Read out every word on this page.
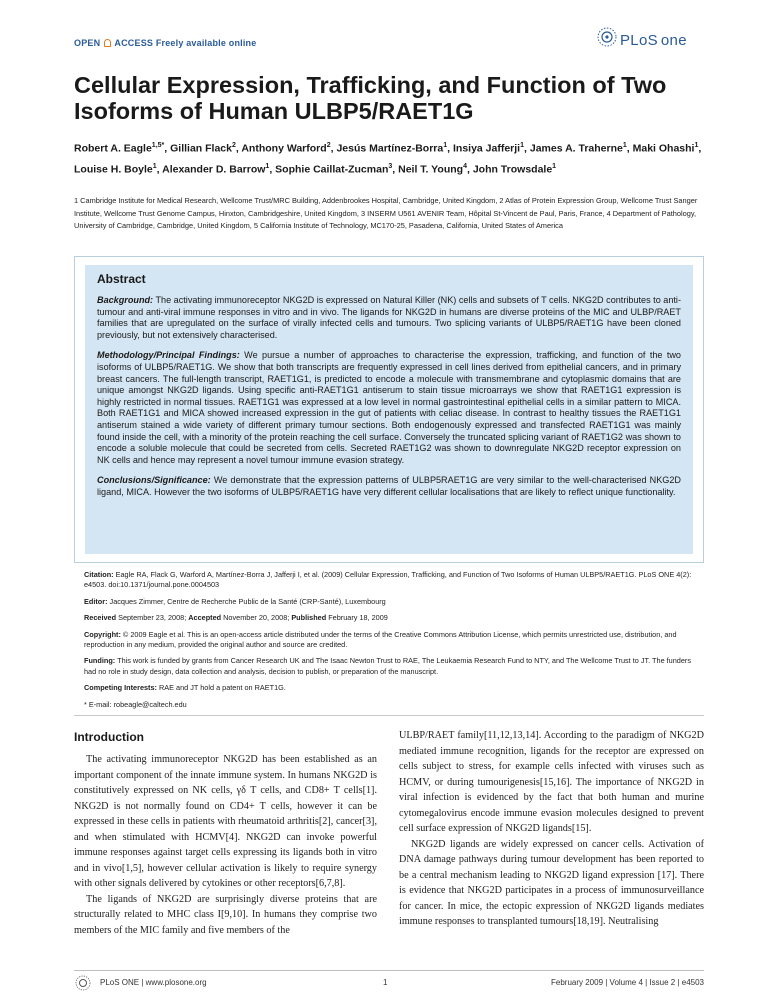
OPEN ACCESS Freely available online	PLoS one
Cellular Expression, Trafficking, and Function of Two Isoforms of Human ULBP5/RAET1G
Robert A. Eagle$^{1,5*}$, Gillian Flack$^2$, Anthony Warford$^2$, Jesús Martínez-Borra$^1$, Insiya Jafferji$^1$, James A. Traherne$^1$, Maki Ohashi$^1$, Louise H. Boyle$^1$, Alexander D. Barrow$^1$, Sophie Caillat-Zucman$^3$, Neil T. Young$^4$, John Trowsdale$^1$
1 Cambridge Institute for Medical Research, Wellcome Trust/MRC Building, Addenbrookes Hospital, Cambridge, United Kingdom, 2 Atlas of Protein Expression Group, Wellcome Trust Sanger Institute, Wellcome Trust Genome Campus, Hinxton, Cambridgeshire, United Kingdom, 3 INSERM U561 AVENIR Team, Hôpital St-Vincent de Paul, Paris, France, 4 Department of Pathology, University of Cambridge, Cambridge, United Kingdom, 5 California Institute of Technology, MC170-25, Pasadena, California, United States of America
Abstract

Background: The activating immunoreceptor NKG2D is expressed on Natural Killer (NK) cells and subsets of T cells. NKG2D contributes to anti-tumour and anti-viral immune responses in vitro and in vivo. The ligands for NKG2D in humans are diverse proteins of the MIC and ULBP/RAET families that are upregulated on the surface of virally infected cells and tumours. Two splicing variants of ULBP5/RAET1G have been cloned previously, but not extensively characterised.

Methodology/Principal Findings: We pursue a number of approaches to characterise the expression, trafficking, and function of the two isoforms of ULBP5/RAET1G. We show that both transcripts are frequently expressed in cell lines derived from epithelial cancers, and in primary breast cancers. The full-length transcript, RAET1G1, is predicted to encode a molecule with transmembrane and cytoplasmic domains that are unique amongst NKG2D ligands. Using specific anti-RAET1G1 antiserum to stain tissue microarrays we show that RAET1G1 expression is highly restricted in normal tissues. RAET1G1 was expressed at a low level in normal gastrointestinal epithelial cells in a similar pattern to MICA. Both RAET1G1 and MICA showed increased expression in the gut of patients with celiac disease. In contrast to healthy tissues the RAET1G1 antiserum stained a wide variety of different primary tumour sections. Both endogenously expressed and transfected RAET1G1 was mainly found inside the cell, with a minority of the protein reaching the cell surface. Conversely the truncated splicing variant of RAET1G2 was shown to encode a soluble molecule that could be secreted from cells. Secreted RAET1G2 was shown to downregulate NKG2D receptor expression on NK cells and hence may represent a novel tumour immune evasion strategy.

Conclusions/Significance: We demonstrate that the expression patterns of ULBP5RAET1G are very similar to the well-characterised NKG2D ligand, MICA. However the two isoforms of ULBP5/RAET1G have very different cellular localisations that are likely to reflect unique functionality.

Citation: Eagle RA, Flack G, Warford A, Martínez-Borra J, Jafferji I, et al. (2009) Cellular Expression, Trafficking, and Function of Two Isoforms of Human ULBP5/RAET1G. PLoS ONE 4(2): e4503. doi:10.1371/journal.pone.0004503

Editor: Jacques Zimmer, Centre de Recherche Public de la Santé (CRP-Santé), Luxembourg

Received September 23, 2008; Accepted November 20, 2008; Published February 18, 2009

Copyright: © 2009 Eagle et al. This is an open-access article distributed under the terms of the Creative Commons Attribution License, which permits unrestricted use, distribution, and reproduction in any medium, provided the original author and source are credited.

Funding: This work is funded by grants from Cancer Research UK and The Isaac Newton Trust to RAE, The Leukaemia Research Fund to NTY, and The Wellcome Trust to JT. The funders had no role in study design, data collection and analysis, decision to publish, or preparation of the manuscript.

Competing Interests: RAE and JT hold a patent on RAET1G.

* E-mail: robeagle@caltech.edu

Introduction

The activating immunoreceptor NKG2D has been established as an important component of the innate immune system. In humans NKG2D is constitutively expressed on NK cells, γδ T cells, and CD8+ T cells[1]. NKG2D is not normally found on CD4+ T cells, however it can be expressed in these cells in patients with rheumatoid arthritis[2], cancer[3], and when stimulated with HCMV[4]. NKG2D can invoke powerful immune responses against target cells expressing its ligands both in vitro and in vivo[1,5], however cellular activation is likely to require synergy with other signals delivered by cytokines or other receptors[6,7,8].

The ligands of NKG2D are surprisingly diverse proteins that are structurally related to MHC class I[9,10]. In humans they comprise two members of the MIC family and five members of the

ULBP/RAET family[11,12,13,14]. According to the paradigm of NKG2D mediated immune recognition, ligands for the receptor are expressed on cells subject to stress, for example cells infected with viruses such as HCMV, or during tumourigenesis[15,16]. The importance of NKG2D in viral infection is evidenced by the fact that both human and murine cytomegalovirus encode immune evasion molecules designed to prevent cell surface expression of NKG2D ligands[15].

NKG2D ligands are widely expressed on cancer cells. Activation of DNA damage pathways during tumour development has been reported to be a central mechanism leading to NKG2D ligand expression [17]. There is evidence that NKG2D participates in a process of immunosurveillance for cancer. In mice, the ectopic expression of NKG2D ligands mediates immune responses to transplanted tumours[18,19]. Neutralising

PLoS ONE | www.plosone.org	1	February 2009 | Volume 4 | Issue 2 | e4503
